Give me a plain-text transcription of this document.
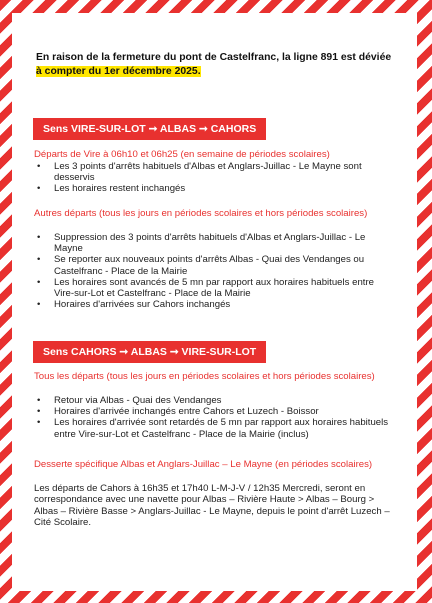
En raison de la fermeture du pont de Castelfranc, la ligne 891 est déviée à compter du 1er décembre 2025.
Sens VIRE-SUR-LOT ➞ ALBAS ➞ CAHORS
Départs de Vire à 06h10 et 06h25 (en semaine de périodes scolaires)
• Les 3 points d'arrêts habituels d'Albas et Anglars-Juillac - Le Mayne sont desservis
• Les horaires restent inchangés
Autres départs (tous les jours en périodes scolaires et hors périodes scolaires)
• Suppression des 3 points d'arrêts habituels d'Albas et Anglars-Juillac - Le Mayne
• Se reporter aux nouveaux points d'arrêts Albas - Quai des Vendanges ou Castelfranc - Place de la Mairie
• Les horaires sont avancés de 5 mn par rapport aux horaires habituels entre Vire-sur-Lot et Castelfranc - Place de la Mairie
• Horaires d'arrivées sur Cahors inchangés
Sens CAHORS ➞ ALBAS ➞ VIRE-SUR-LOT
Tous les départs (tous les jours en périodes scolaires et hors périodes scolaires)
• Retour via Albas - Quai des Vendanges
• Horaires d'arrivée inchangés entre Cahors et Luzech - Boissor
• Les horaires d'arrivée sont retardés de 5 mn par rapport aux horaires habituels entre Vire-sur-Lot et Castelfranc - Place de la Mairie (inclus)
Desserte spécifique Albas et Anglars-Juillac – Le Mayne (en périodes scolaires)
Les départs de Cahors à 16h35 et 17h40 L-M-J-V / 12h35 Mercredi, seront en correspondance avec une navette pour Albas – Rivière Haute > Albas – Bourg > Albas – Rivière Basse > Anglars-Juillac - Le Mayne, depuis le point d'arrêt Luzech – Cité Scolaire.
